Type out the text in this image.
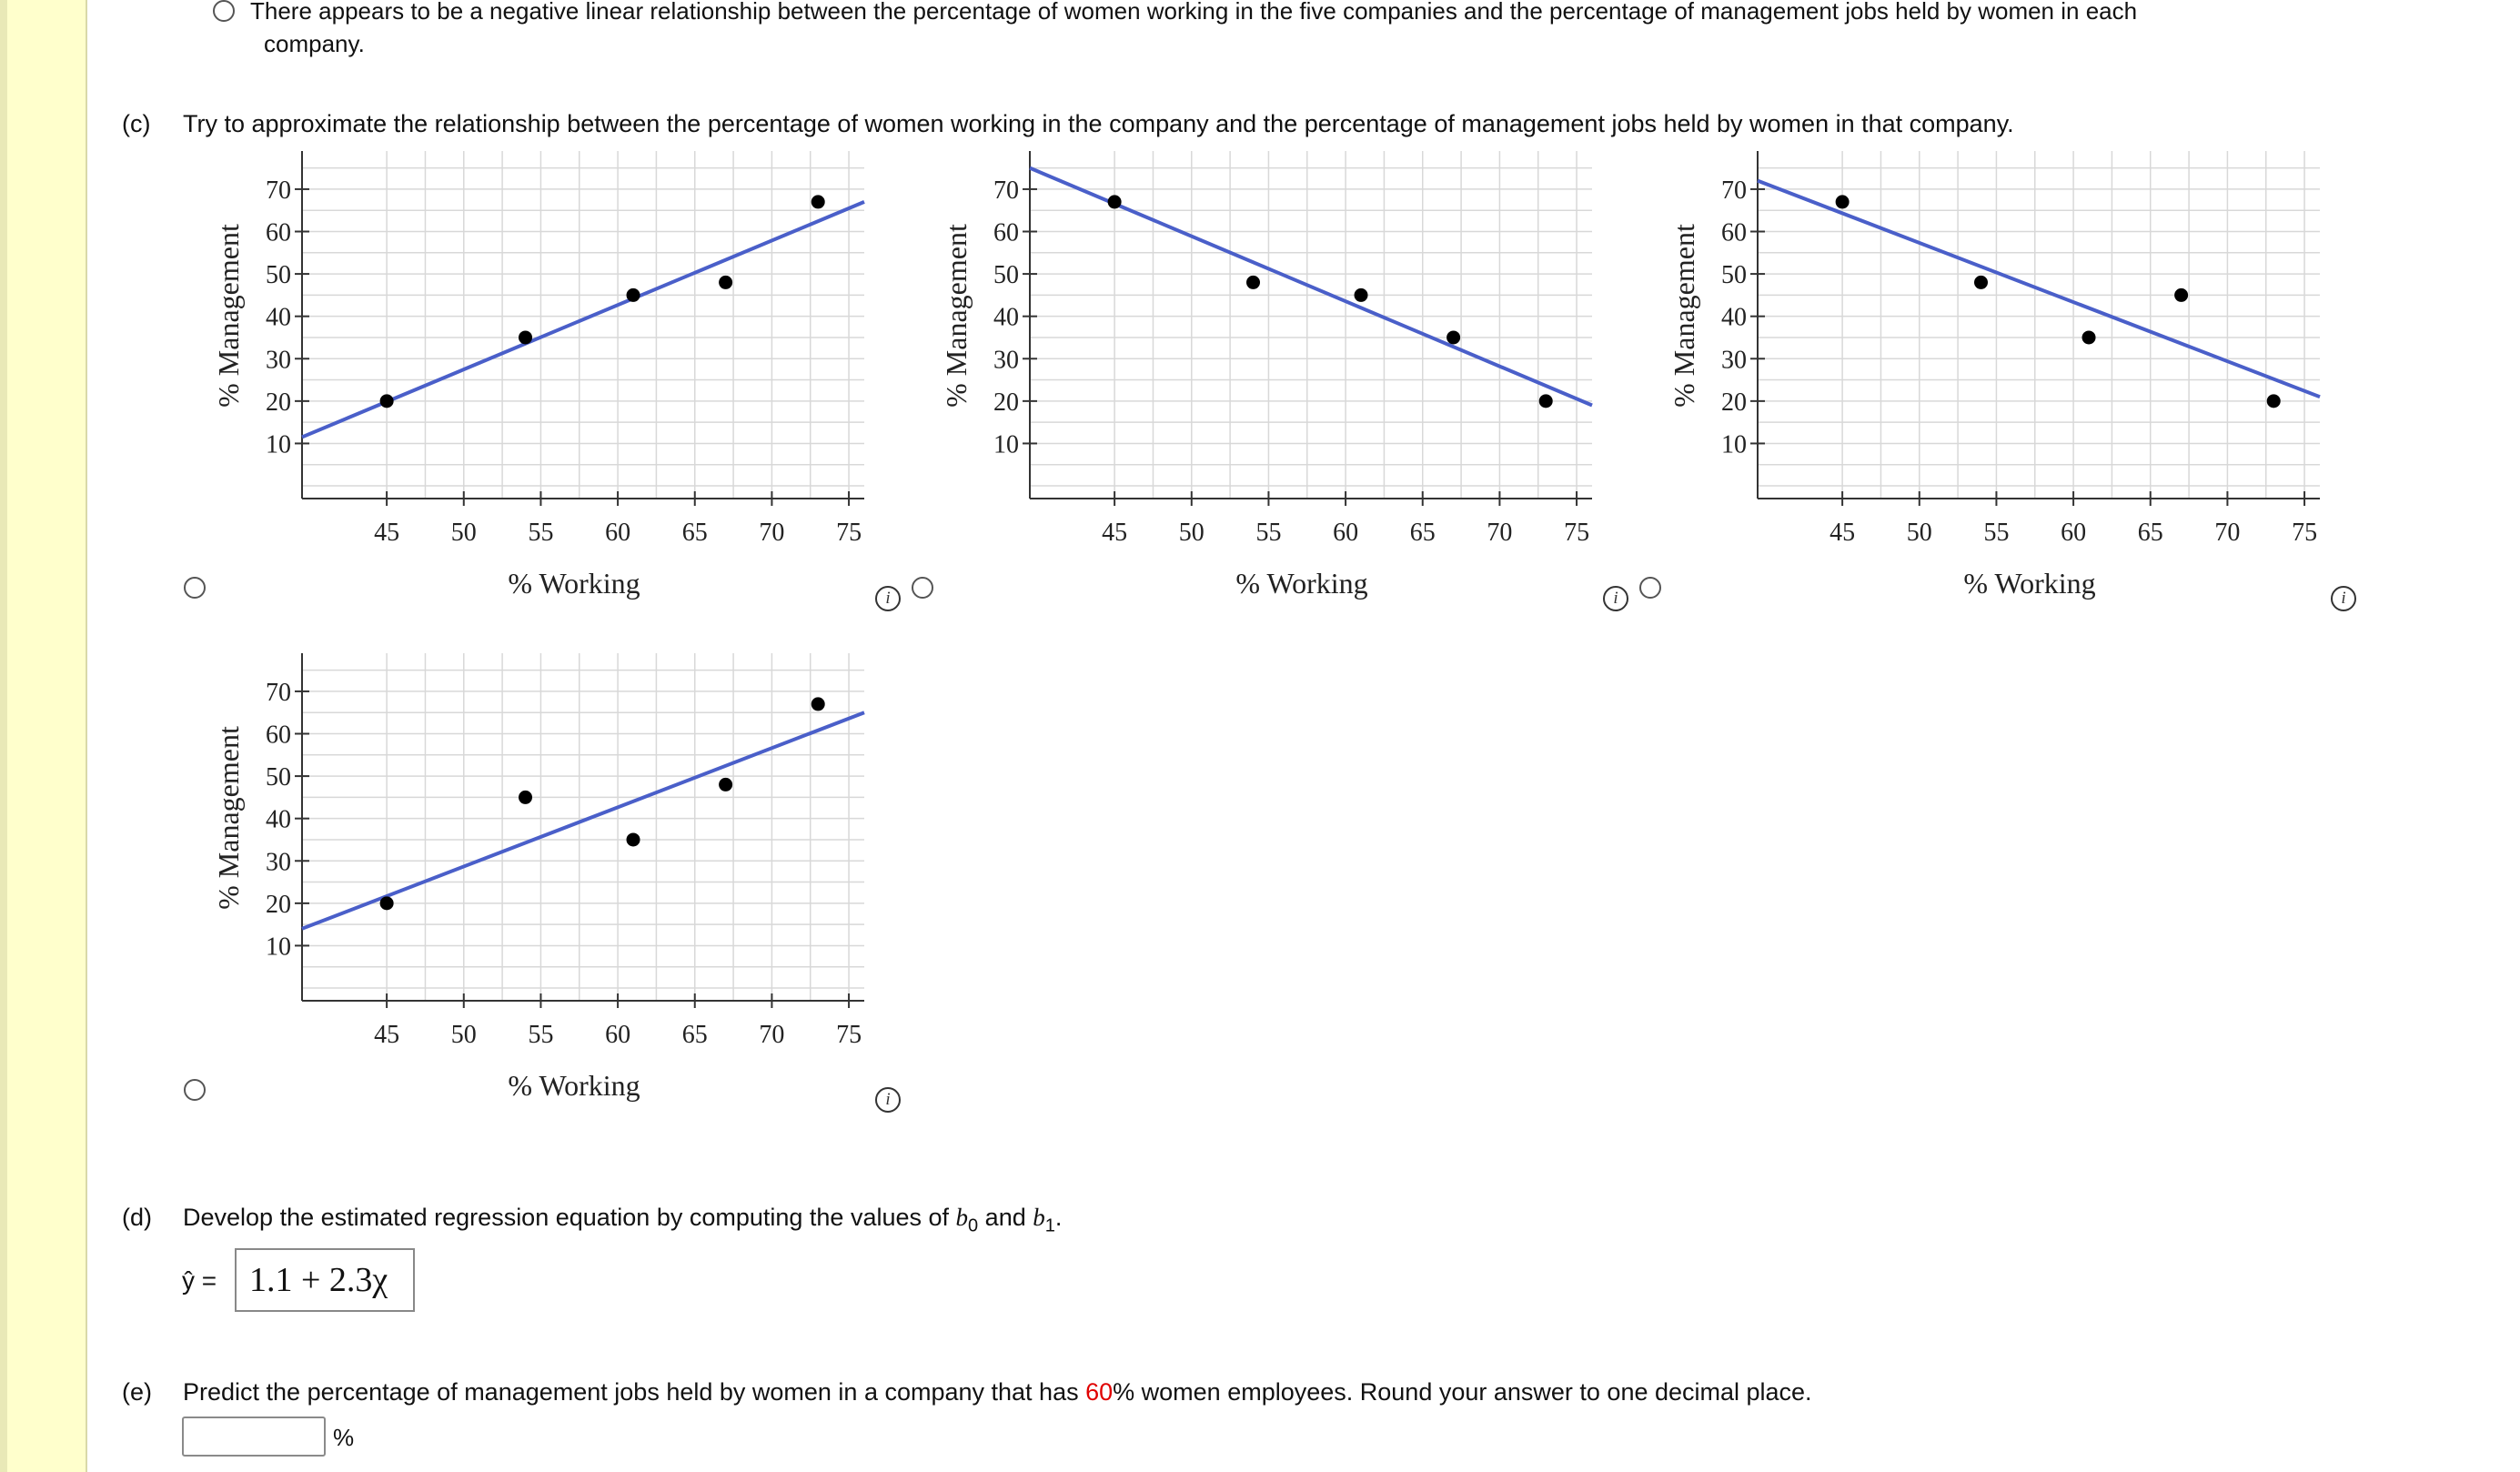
There appears to be a negative linear relationship between the percentage of women working in the five companies and the percentage of management jobs held by women in each
company.
(c) Try to approximate the relationship between the percentage of women working in the company and the percentage of management jobs held by women in that company.
10
20
30
40
50
60
70
45 50 55 60 65 70 75
% Working
% Management
10
20
30
40
50
60
70
45 50 55 60 65 70 75
% Working
% Management
10
20
30
40
50
60
70
45 50 55 60 65 70 75
% Working
% Management
10
20
30
40
50
60
70
45 50 55 60 65 70 75
% Working
% Management
i	i	i
i
(d) Develop the estimated regression equation by computing the values of $b_0$ and $b_1$.
ŷ = 1.1 + 2.3χ
(e) Predict the percentage of management jobs held by women in a company that has 60% women employees. Round your answer to one decimal place.
%
